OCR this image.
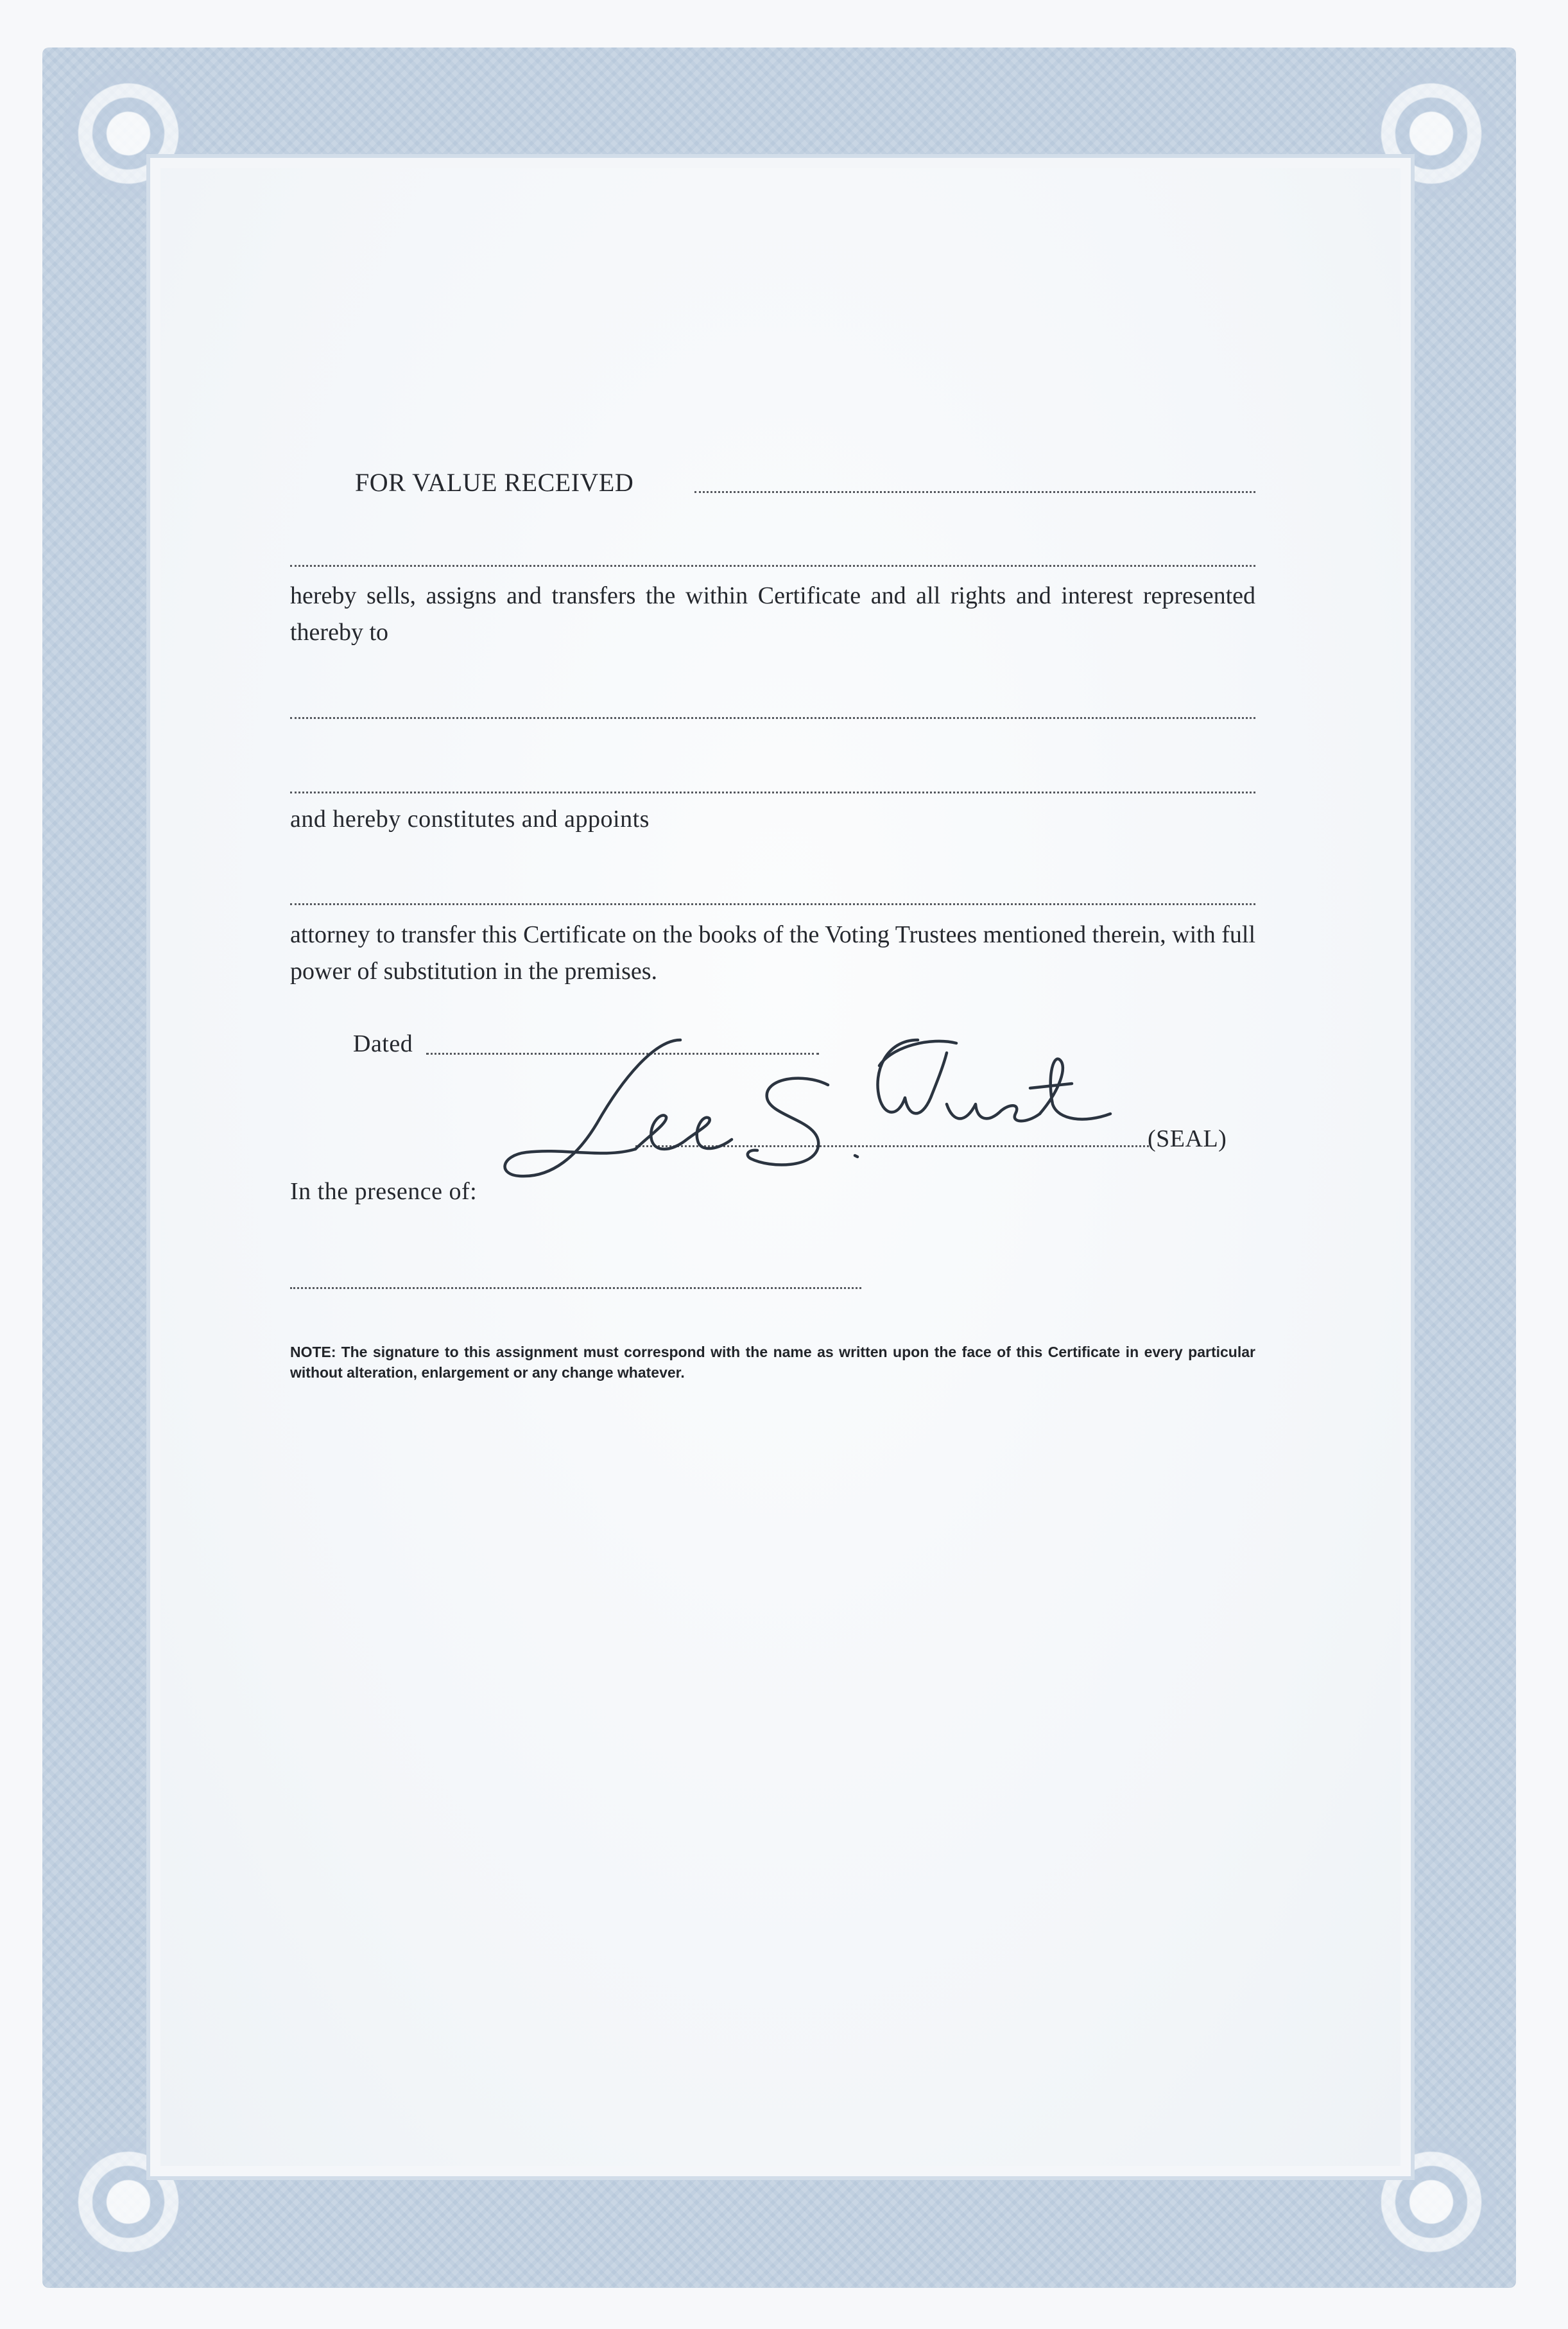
FOR VALUE RECEIVED
hereby sells, assigns and transfers the within Certificate and all rights and interest represented thereby to
and hereby constitutes and appoints
attorney to transfer this Certificate on the books of the Voting Trustees mentioned therein, with full power of substitution in the premises.
Dated
(SEAL)
In the presence of:
NOTE: The signature to this assignment must correspond with the name as written upon the face of this Certificate in every particular without alteration, enlargement or any change whatever.
